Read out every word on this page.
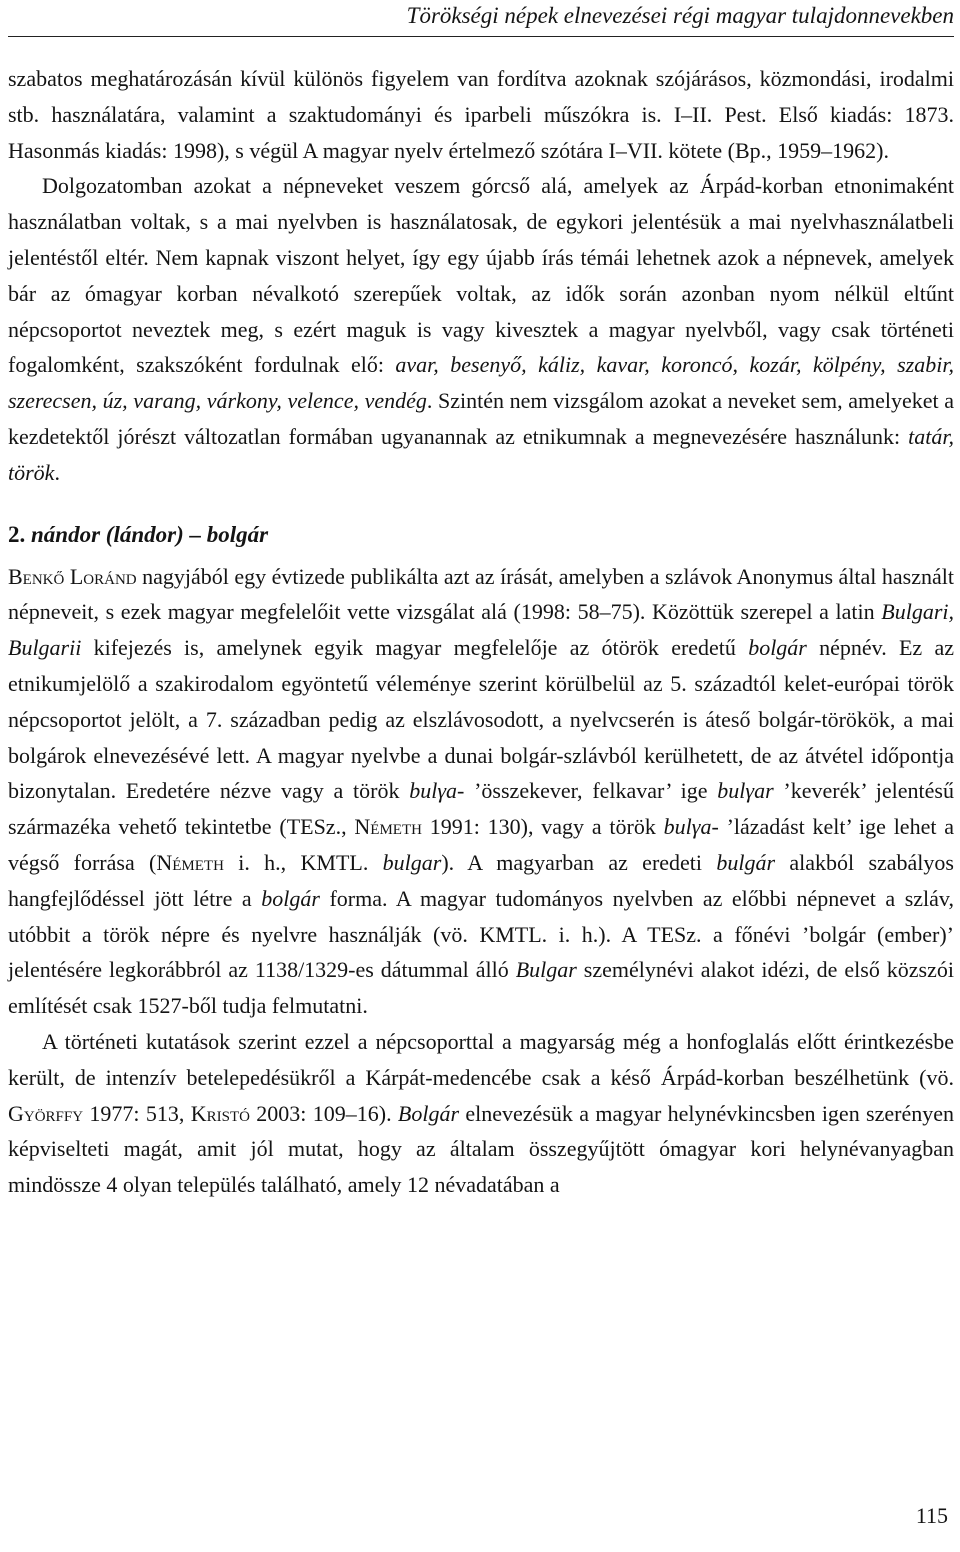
Törökségi népek elnevezései régi magyar tulajdonnevekben

szabatos meghatározásán kívül különös figyelem van fordítva azoknak szójárásos, közmondási, irodalmi stb. használatára, valamint a szaktudományi és iparbeli műszókra is. I–II. Pest. Első kiadás: 1873. Hasonmás kiadás: 1998), s végül A magyar nyelv értelmező szótára I–VII. kötete (Bp., 1959–1962).

Dolgozatomban azokat a népneveket veszem górcső alá, amelyek az Árpád-korban etnonimaként használatban voltak, s a mai nyelvben is használatosak, de egykori jelentésük a mai nyelvhasználatbeli jelentéstől eltér. Nem kapnak viszont helyet, így egy újabb írás témái lehetnek azok a népnevek, amelyek bár az ómagyar korban névalkotó szerepűek voltak, az idők során azonban nyom nélkül eltűnt népcsoportot neveztek meg, s ezért maguk is vagy kivesztek a magyar nyelvből, vagy csak történeti fogalomként, szakszóként fordulnak elő: avar, besenyő, káliz, kavar, koroncó, kozár, kölpény, szabir, szerecsen, úz, varang, várkony, velence, vendég. Szintén nem vizsgálom azokat a neveket sem, amelyeket a kezdetektől jórészt változatlan formában ugyanannak az etnikumnak a megnevezésére használunk: tatár, török.

2. nándor (lándor) – bolgár

Benkő Loránd nagyjából egy évtizede publikálta azt az írását, amelyben a szlávok Anonymus által használt népneveit, s ezek magyar megfelelőit vette vizsgálat alá (1998: 58–75). Közöttük szerepel a latin Bulgari, Bulgarii kifejezés is, amelynek egyik magyar megfelelője az ótörök eredetű bolgár népnév. Ez az etnikumjelölő a szakirodalom egyöntetű véleménye szerint körülbelül az 5. századtól kelet-európai török népcsoportot jelölt, a 7. században pedig az elszlávosodott, a nyelvcserén is áteső bolgár-törökök, a mai bolgárok elnevezésévé lett. A magyar nyelvbe a dunai bolgár-szlávból kerülhetett, de az átvétel időpontja bizonytalan. Eredetére nézve vagy a török bulγa- ’összekever, felkavar’ ige bulγar ’keverék’ jelentésű származéka vehető tekintetbe (TESz., Németh 1991: 130), vagy a török bulγa- ’lázadást kelt’ ige lehet a végső forrása (Németh i. h., KMTL. bulgar). A magyarban az eredeti bulgár alakból szabályos hangfejlődéssel jött létre a bolgár forma. A magyar tudományos nyelvben az előbbi népnevet a szláv, utóbbit a török népre és nyelvre használják (vö. KMTL. i. h.). A TESz. a főnévi ’bolgár (ember)’ jelentésére legkorábbról az 1138/1329-es dátummal álló Bulgar személynévi alakot idézi, de első közszói említését csak 1527-ből tudja felmutatni.

A történeti kutatások szerint ezzel a népcsoporttal a magyarság még a honfoglalás előtt érintkezésbe került, de intenzív betelepedésükről a Kárpát-medencébe csak a késő Árpád-korban beszélhetünk (vö. Györffy 1977: 513, Kristó 2003: 109–16). Bolgár elnevezésük a magyar helynévkincsben igen szerényen képviselteti magát, amit jól mutat, hogy az általam összegyűjtött ómagyar kori helynévanyagban mindössze 4 olyan település található, amely 12 névadatában a

115
